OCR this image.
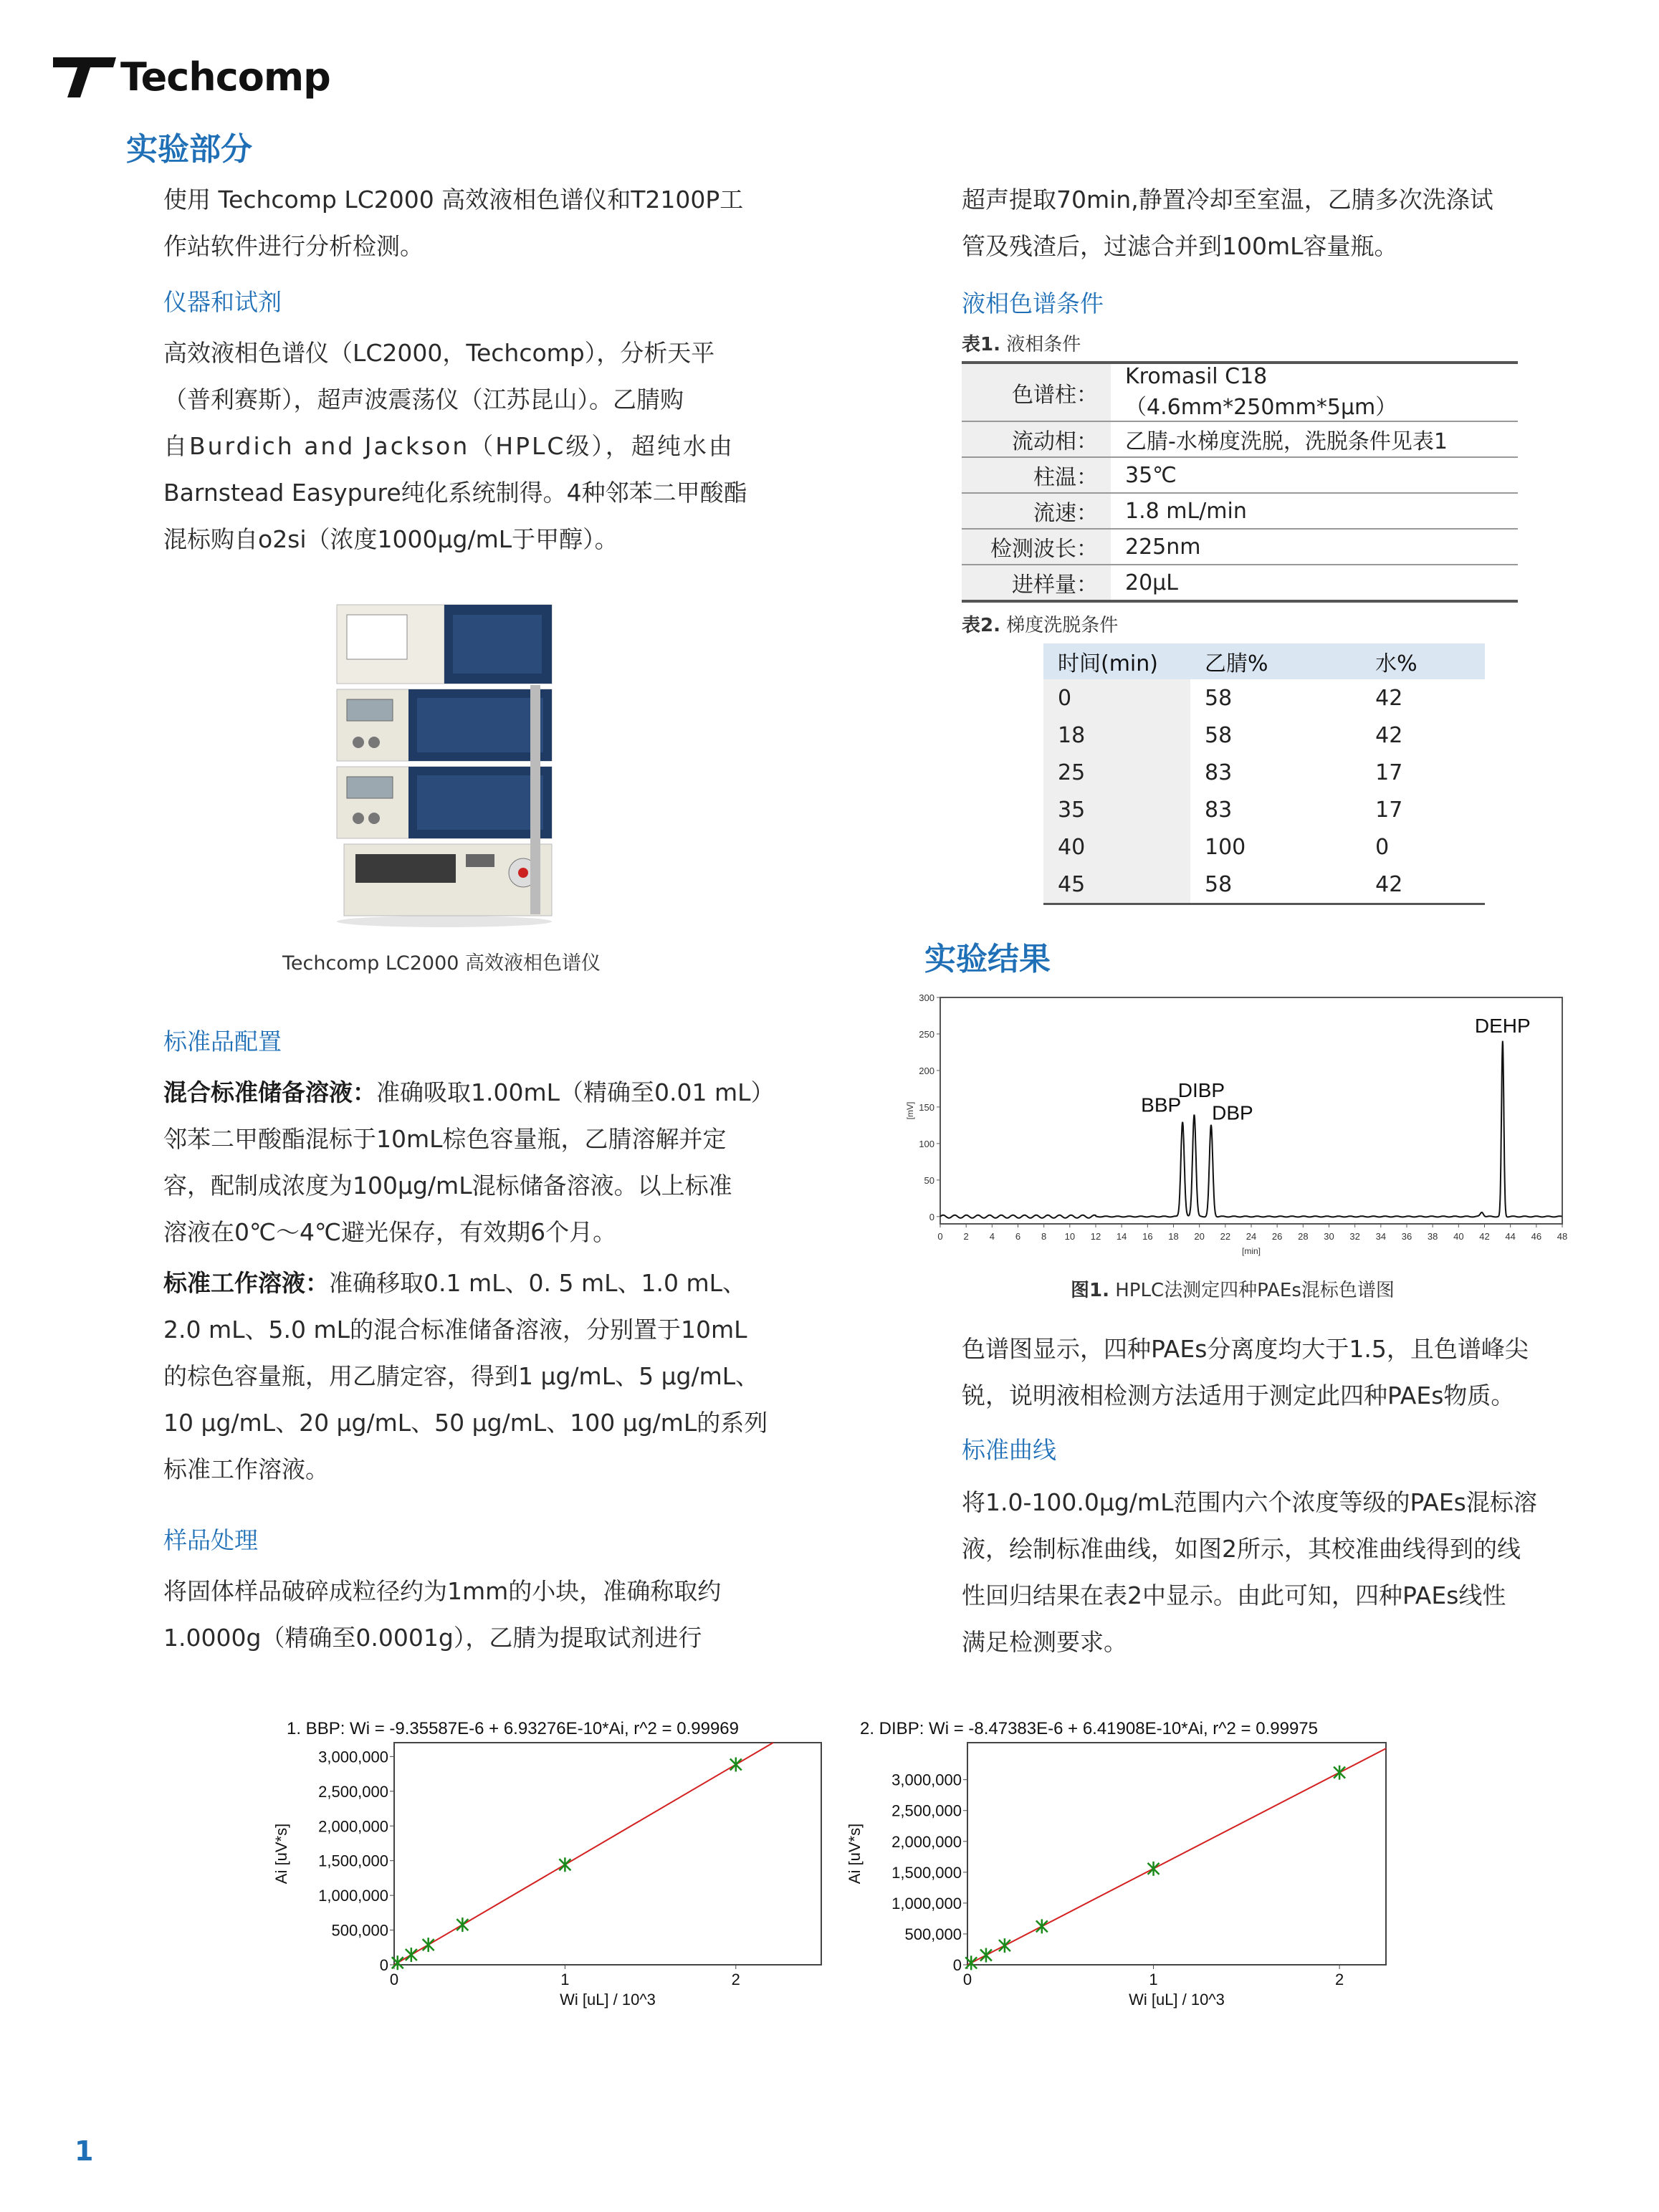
Techcomp
实验部分

使用 Techcomp LC2000 高效液相色谱仪和T2100P工

作站软件进行分析检测。

仪器和试剂

高效液相色谱仪（LC2000，Techcomp），分析天平

（普利赛斯），超声波震荡仪（江苏昆山）。乙腈购

自Burdich and Jackson（HPLC级），超纯水由

Barnstead Easypure纯化系统制得。4种邻苯二甲酸酯

混标购自o2si（浓度1000μg/mL于甲醇）。

Techcomp LC2000 高效液相色谱仪
标准品配置

混合标准储备溶液：准确吸取1.00mL（精确至0.01 mL）

邻苯二甲酸酯混标于10mL棕色容量瓶，乙腈溶解并定

容，配制成浓度为100μg/mL混标储备溶液。以上标准

溶液在0℃～4℃避光保存，有效期6个月。

标准工作溶液：准确移取0.1 mL、0. 5 mL、1.0 mL、

2.0 mL、5.0 mL的混合标准储备溶液，分别置于10mL

的棕色容量瓶，用乙腈定容，得到1 μg/mL、5 μg/mL、

10 μg/mL、20 μg/mL、50 μg/mL、100 μg/mL的系列

标准工作溶液。

样品处理

将固体样品破碎成粒径约为1mm的小块，准确称取约

1.0000g（精确至0.0001g），乙腈为提取试剂进行

超声提取70min,静置冷却至室温，乙腈多次洗涤试

管及残渣后，过滤合并到100mL容量瓶。

液相色谱条件
表1. 液相条件
色谱柱：	Kromasil C18（4.6mm*250mm*5μm）
流动相：	乙腈-水梯度洗脱，洗脱条件见表1
柱温：	35℃
流速：	1.8 mL/min
检测波长：	225nm
进样量：	20μL
表2. 梯度洗脱条件
时间(min)	乙腈%	水%
0	58	42
18	58	42
25	83	17
35	83	17
40	100	0
45	58	42
实验结果
0
50
100
150
200
250
300
0 2 4 6 8 10 12 14 16 18 20 22 24 26 28 30 32 34 36 38 40 42 44 46 48
[min]
[mV]	BBP
DIBP
DBP
DEHP
图1. HPLC法测定四种PAEs混标色谱图

色谱图显示，四种PAEs分离度均大于1.5，且色谱峰尖

锐，说明液相检测方法适用于测定此四种PAEs物质。

标准曲线

将1.0-100.0μg/mL范围内六个浓度等级的PAEs混标溶

液，绘制标准曲线，如图2所示，其校准曲线得到的线

性回归结果在表2中显示。由此可知，四种PAEs线性

满足检测要求。

1. BBP: Wi = -9.35587E-6 + 6.93276E-10*Ai, r^2 = 0.99969
0
500,000
1,000,000
1,500,000
2,000,000
2,500,000
3,000,000
0	1	2
Wi [uL] / 10^3
Ai [uV*s]
2. DIBP: Wi = -8.47383E-6 + 6.41908E-10*Ai, r^2 = 0.99975
0
500,000
1,000,000
1,500,000
2,000,000
2,500,000
3,000,000
0	1	2
Wi [uL] / 10^3
Ai [uV*s]
1
